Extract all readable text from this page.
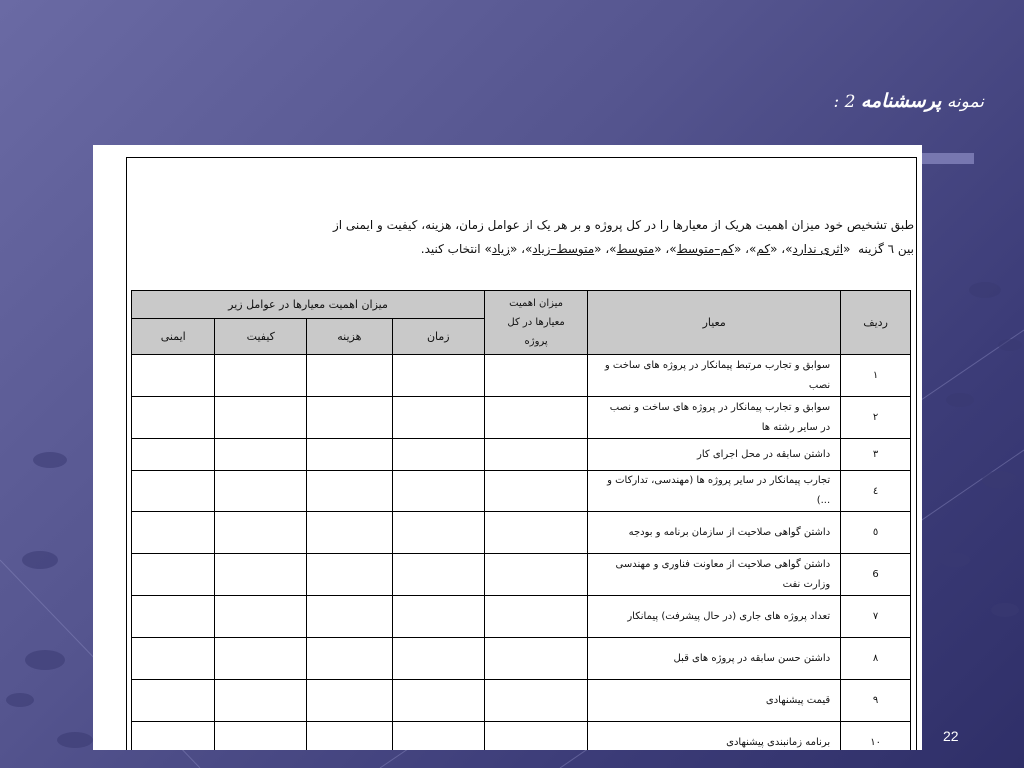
نمونه پرسشنامه 2 :
طبق تشخیص خود میزان اهمیت هریک از معیارها را در کل پروژه و بر هر یک از عوامل زمان، هزینه، کیفیت و ایمنی از
بین ٦ گزینه  «اثری ندارد»، «کم»، «کم–متوسط»، «متوسط»، «متوسط–زیاد»، «زیاد» انتخاب کنید.
ردیف	معیار	میزان اهمیت معیارها در کل پروژه	میزان اهمیت معیارها در عوامل زیر			
			زمان	هزینه	کیفیت	ایمنی
١	سوابق و تجارب مرتبط پیمانکار در پروژه های ساخت و نصب					
٢	سوابق و تجارب پیمانکار در پروژه های ساخت و نصب در سایر رشته ها					
٣	داشتن سابقه در محل اجرای کار					
٤	تجارب پیمانکار در سایر پروژه ها (مهندسی، تدارکات و ...)					
٥	داشتن گواهی صلاحیت از سازمان برنامه و بودجه					
6	داشتن گواهی صلاحیت از معاونت فناوری و مهندسی وزارت نفت					
٧	تعداد پروژه های جاری (در حال پیشرفت) پیمانکار					
٨	داشتن حسن سابقه در پروژه های قبل					
٩	قیمت پیشنهادی					
١٠	برنامه زمانبندی پیشنهادی						22
